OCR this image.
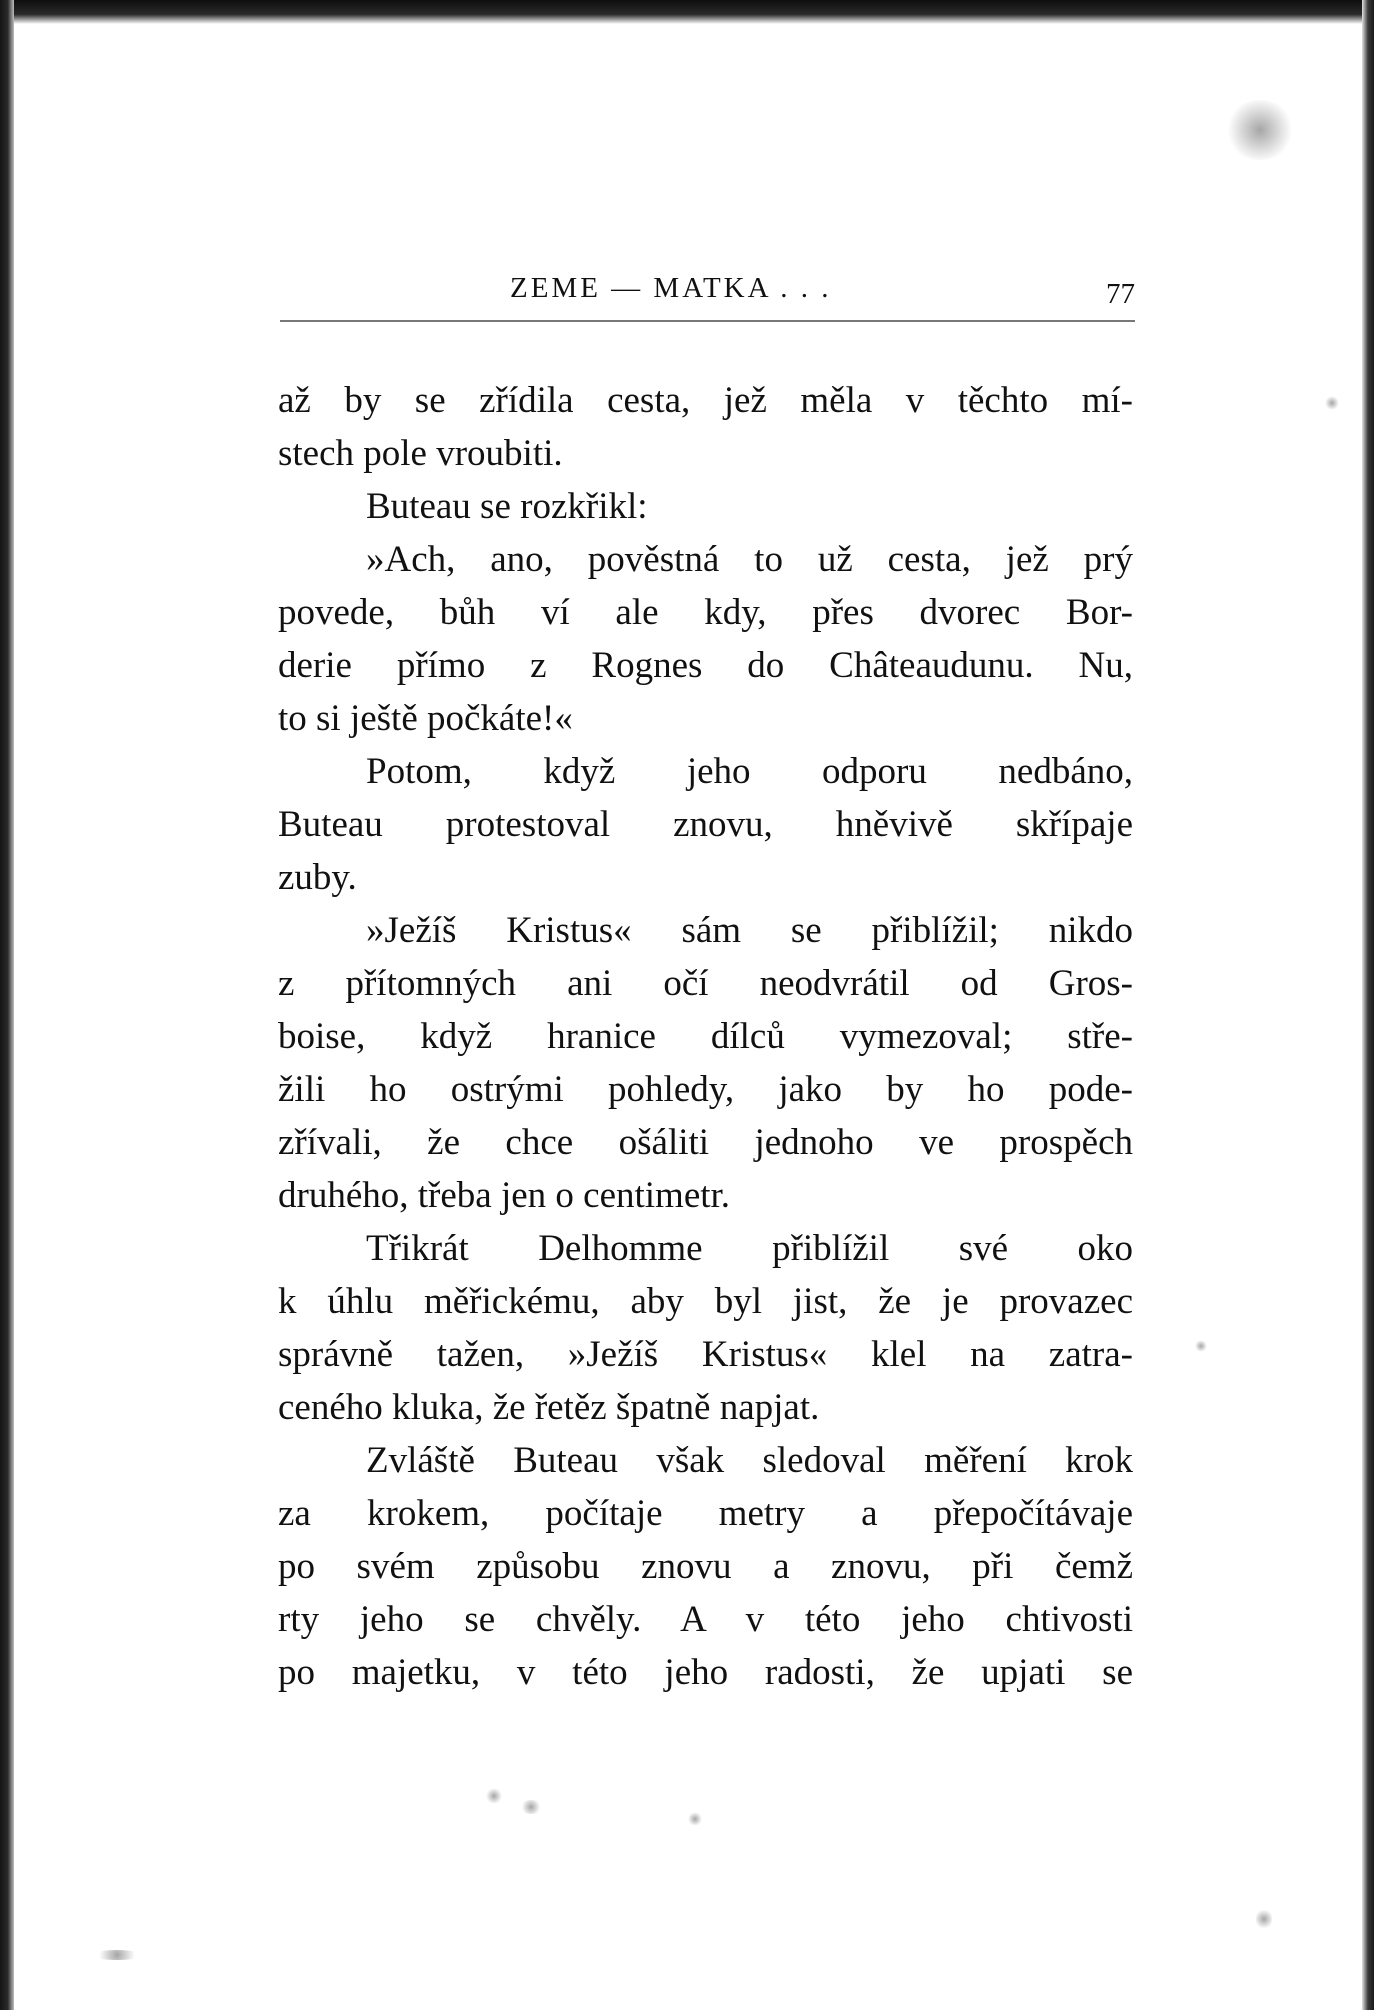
ZEME — MATKA . . .	77
až by se zřídila cesta, jež měla v těchto mí-
stech pole vroubiti.
Buteau se rozkřikl:
»Ach, ano, pověstná to už cesta, jež prý
povede, bůh ví ale kdy, přes dvorec Bor-
derie přímo z Rognes do Châteaudunu. Nu,
to si ještě počkáte!«
Potom, když jeho odporu nedbáno,
Buteau protestoval znovu, hněvivě skřípaje
zuby.
»Ježíš Kristus« sám se přiblížil; nikdo
z přítomných ani očí neodvrátil od Gros-
boise, když hranice dílců vymezoval; stře-
žili ho ostrými pohledy, jako by ho pode-
zřívali, že chce ošáliti jednoho ve prospěch
druhého, třeba jen o centimetr.
Třikrát Delhomme přiblížil své oko
k úhlu měřickému, aby byl jist, že je provazec
správně tažen, »Ježíš Kristus« klel na zatra-
ceného kluka, že řetěz špatně napjat.
Zvláště Buteau však sledoval měření krok
za krokem, počítaje metry a přepočítávaje
po svém způsobu znovu a znovu, při čemž
rty jeho se chvěly. A v této jeho chtivosti
po majetku, v této jeho radosti, že upjati se
